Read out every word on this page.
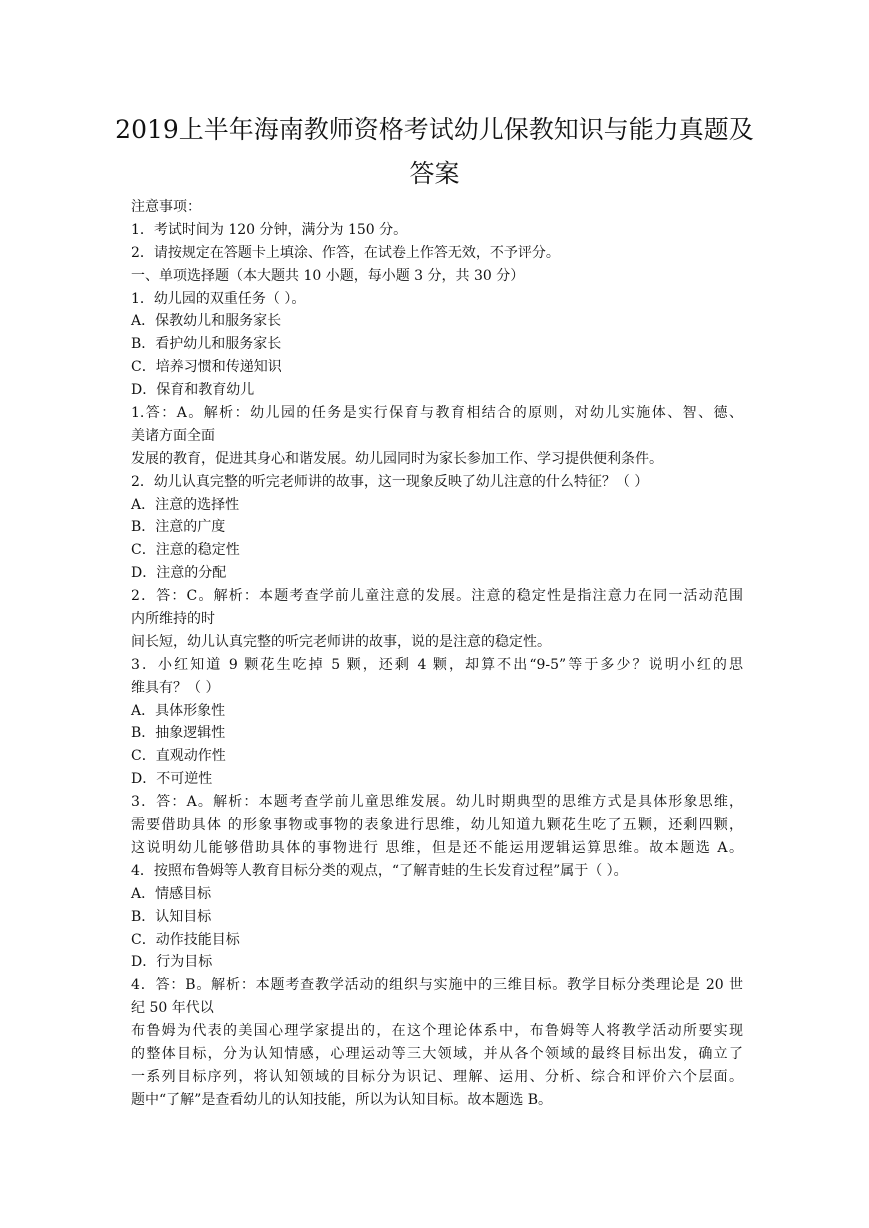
2019上半年海南教师资格考试幼儿保教知识与能力真题及
答案
注意事项：
1．考试时间为 120 分钟，满分为 150 分。
2．请按规定在答题卡上填涂、作答，在试卷上作答无效，不予评分。
一、单项选择题（本大题共 10 小题，每小题 3 分，共 30 分）
1．幼儿园的双重任务（ ）。
A．保教幼儿和服务家长
B．看护幼儿和服务家长
C．培养习惯和传递知识
D．保育和教育幼儿
1.答：A。解析：幼儿园的任务是实行保育与教育相结合的原则，对幼儿实施体、智、德、
美诸方面全面
发展的教育，促进其身心和谐发展。幼儿园同时为家长参加工作、学习提供便利条件。
2．幼儿认真完整的听完老师讲的故事，这一现象反映了幼儿注意的什么特征？（ ）
A．注意的选择性
B．注意的广度
C．注意的稳定性
D．注意的分配
2．答：C。解析：本题考查学前儿童注意的发展。注意的稳定性是指注意力在同一活动范围
内所维持的时
间长短，幼儿认真完整的听完老师讲的故事，说的是注意的稳定性。
3．小红知道 9 颗花生吃掉 5 颗，还剩 4 颗，却算不出“9-5”等于多少？说明小红的思
维具有？（ ）
A．具体形象性
B．抽象逻辑性
C．直观动作性
D．不可逆性
3．答：A。解析：本题考查学前儿童思维发展。幼儿时期典型的思维方式是具体形象思维，
需要借助具体 的形象事物或事物的表象进行思维，幼儿知道九颗花生吃了五颗，还剩四颗，
这说明幼儿能够借助具体的事物进行 思维，但是还不能运用逻辑运算思维。故本题选 A。
4．按照布鲁姆等人教育目标分类的观点，“了解青蛙的生长发育过程”属于（ ）。
A．情感目标
B．认知目标
C．动作技能目标
D．行为目标
4．答：B。解析：本题考查教学活动的组织与实施中的三维目标。教学目标分类理论是 20 世
纪 50 年代以
布鲁姆为代表的美国心理学家提出的，在这个理论体系中，布鲁姆等人将教学活动所要实现
的整体目标，分为认知情感，心理运动等三大领域，并从各个领域的最终目标出发，确立了
一系列目标序列，将认知领域的目标分为识记、理解、运用、分析、综合和评价六个层面。
题中“了解”是查看幼儿的认知技能，所以为认知目标。故本题选 B。
